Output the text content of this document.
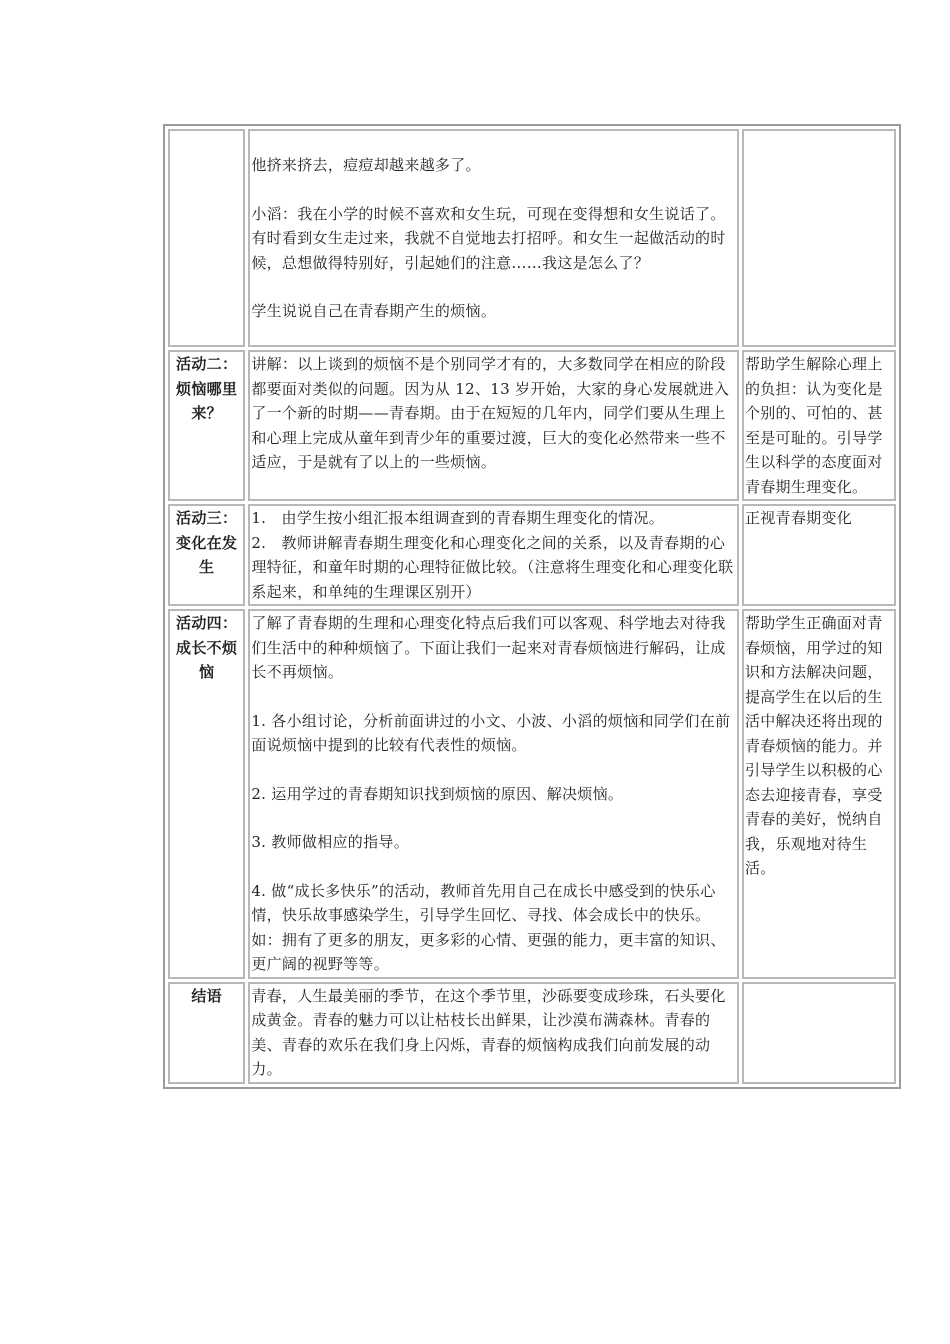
	他挤来挤去，痘痘却越来越多了。

小滔：我在小学的时候不喜欢和女生玩，可现在变得想和女生说话了。有时看到女生走过来，我就不自觉地去打招呼。和女生一起做活动的时候，总想做得特别好，引起她们的注意……我这是怎么了？

学生说说自己在青春期产生的烦恼。	

活动二：烦恼哪里来？	讲解：以上谈到的烦恼不是个别同学才有的，大多数同学在相应的阶段都要面对类似的问题。因为从 12、13 岁开始，大家的身心发展就进入了一个新的时期——青春期。由于在短短的几年内，同学们要从生理上和心理上完成从童年到青少年的重要过渡，巨大的变化必然带来一些不适应，于是就有了以上的一些烦恼。	帮助学生解除心理上的负担：认为变化是个别的、可怕的、甚至是可耻的。引导学生以科学的态度面对青春期生理变化。
活动三：变化在发生	1.　由学生按小组汇报本组调查到的青春期生理变化的情况。

2.　教师讲解青春期生理变化和心理变化之间的关系，以及青春期的心理特征，和童年时期的心理特征做比较。（注意将生理变化和心理变化联系起来，和单纯的生理课区别开）	正视青春期变化
活动四：成长不烦恼	了解了青春期的生理和心理变化特点后我们可以客观、科学地去对待我们生活中的种种烦恼了。下面让我们一起来对青春烦恼进行解码，让成长不再烦恼。

1. 各小组讨论，分析前面讲过的小文、小波、小滔的烦恼和同学们在前面说烦恼中提到的比较有代表性的烦恼。

2. 运用学过的青春期知识找到烦恼的原因、解决烦恼。

3. 教师做相应的指导。

4. 做“成长多快乐”的活动，教师首先用自己在成长中感受到的快乐心情，快乐故事感染学生，引导学生回忆、寻找、体会成长中的快乐。如：拥有了更多的朋友，更多彩的心情、更强的能力，更丰富的知识、更广阔的视野等等。	帮助学生正确面对青春烦恼，用学过的知识和方法解决问题，提高学生在以后的生活中解决还将出现的青春烦恼的能力。并引导学生以积极的心态去迎接青春，享受青春的美好，悦纳自我，乐观地对待生活。
结语	青春，人生最美丽的季节，在这个季节里，沙砾要变成珍珠，石头要化成黄金。青春的魅力可以让枯枝长出鲜果，让沙漠布满森林。青春的美、青春的欢乐在我们身上闪烁，青春的烦恼构成我们向前发展的动力。	
